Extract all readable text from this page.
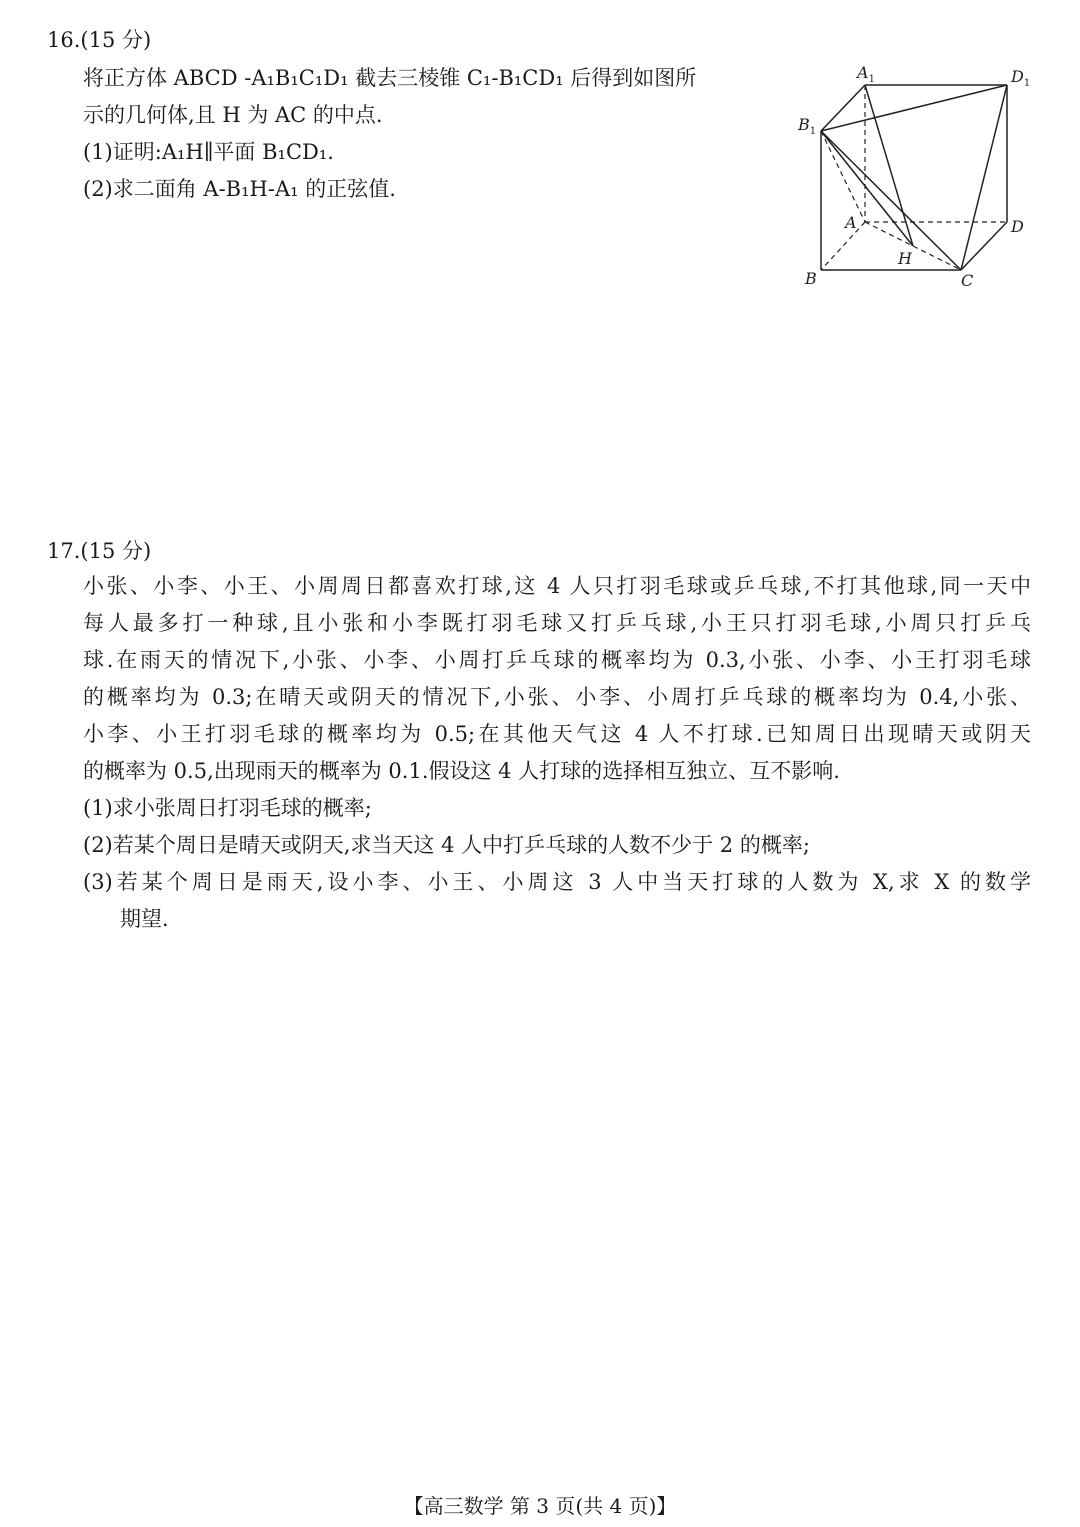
16.(15 分)
将正方体 ABCD -A₁B₁C₁D₁ 截去三棱锥 C₁-B₁CD₁ 后得到如图所
示的几何体,且 H 为 AC 的中点.
(1)证明:A₁H∥平面 B₁CD₁.
(2)求二面角 A-B₁H-A₁ 的正弦值.
$A_1$	$D_1$
$B_1$
A	D
H
B	C
17.(15 分)
小张、小李、小王、小周周日都喜欢打球,这 4 人只打羽毛球或乒乓球,不打其他球,同一天中
每人最多打一种球,且小张和小李既打羽毛球又打乒乓球,小王只打羽毛球,小周只打乒乓
球.在雨天的情况下,小张、小李、小周打乒乓球的概率均为 0.3,小张、小李、小王打羽毛球
的概率均为 0.3;在晴天或阴天的情况下,小张、小李、小周打乒乓球的概率均为 0.4,小张、
小李、小王打羽毛球的概率均为 0.5;在其他天气这 4 人不打球.已知周日出现晴天或阴天
的概率为 0.5,出现雨天的概率为 0.1.假设这 4 人打球的选择相互独立、互不影响.
(1)求小张周日打羽毛球的概率;
(2)若某个周日是晴天或阴天,求当天这 4 人中打乒乓球的人数不少于 2 的概率;
(3)若某个周日是雨天,设小李、小王、小周这 3 人中当天打球的人数为 X,求 X 的数学
期望.
【高三数学 第 3 页(共 4 页)】
